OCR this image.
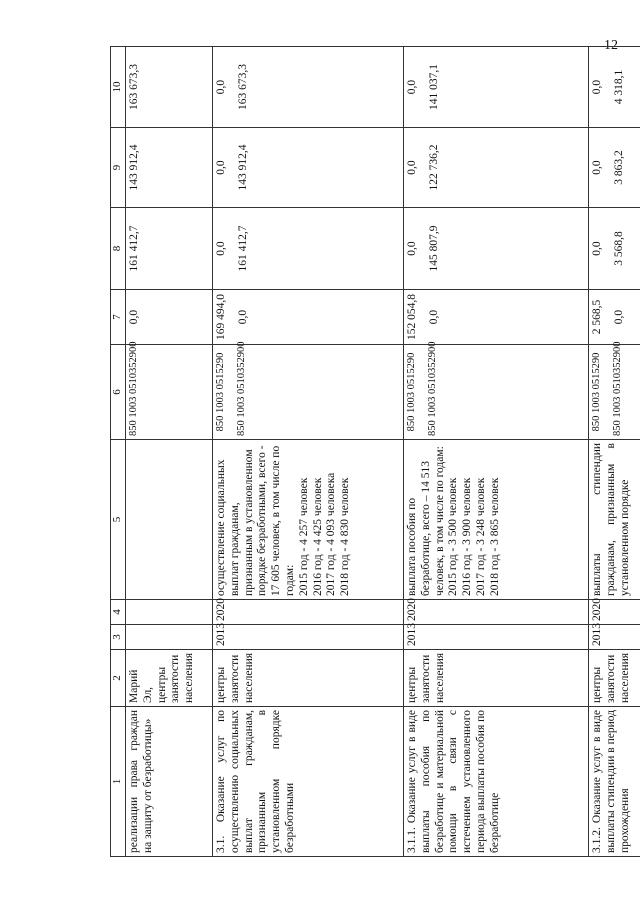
12
1	2	3	4	5	6	7	8	9	10
реализации права граждан на защиту от безработицы»	Марий Эл, центры занятости населения				850 1003 0510352900	0,0	161 412,7	143 912,4	163 673,3

3.1. Оказание услуг по осуществлению социальных выплат гражданам, признанным в установленном порядке безработными	центры занятости населения	2013	2020	осуществление социальных выплат гражданам, признанным в установленном порядке безработными, всего - 17 605 человек, в том числе по годам: 2015 год - 4 257 человек 2016 год - 4 425 человек 2017 год - 4 093 человека 2018 год - 4 830 человек	850 1003 0515290 850 1003 0510352900	169 494,0 0,0	0,0 161 412,7	0,0 143 912,4	0,0 163 673,3

3.1.1. Оказание услуг в виде выплаты пособия по безработице и материальной помощи в связи с истечением установленного периода выплаты пособия по безработице	центры занятости населения	2013	2020	выплата пособия по безработице, всего – 14 513 человек, в том числе по годам: 2015 год - 3 500 человек 2016 год - 3 900 человек 2017 год - 3 248 человек 2018 год - 3 865 человек	850 1003 0515290 850 1003 0510352900	152 054,8 0,0	0,0 145 807,9	0,0 122 736,2	0,0 141 037,1

3.1.2. Оказание услуг в виде выплаты стипендии в период прохождения	центры занятости населения	2013	2020	выплаты стипендии гражданам, признанным в установленном порядке	850 1003 0515290 850 1003 0510352900	2 568,5 0,0	0,0 3 568,8	0,0 3 863,2	0,0 4 318,1
